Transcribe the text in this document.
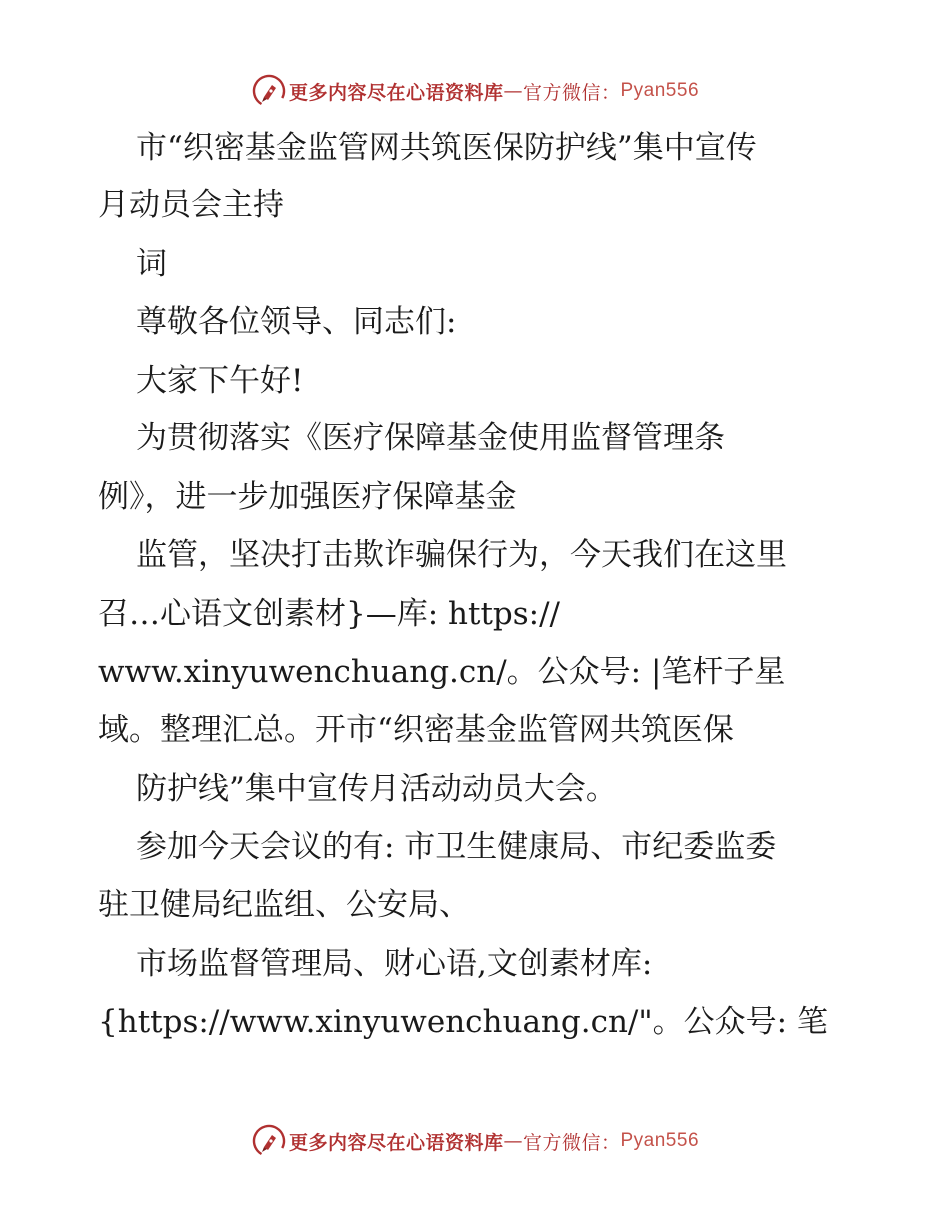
更多内容尽在心语资料库 — 官方微信： Pyan556
市“织密基金监管网共筑医保防护线”集中宣传
月动员会主持
词
尊敬各位领导、同志们:
大家下午好!
为贯彻落实《医疗保障基金使用监督管理条
例》，进一步加强医疗保障基金
监管，坚决打击欺诈骗保行为，今天我们在这里
召…心语文创素材}—库: https://
www.xinyuwenchuang.cn/。公众号: |笔杆子星
域。整理汇总。开市“织密基金监管网共筑医保
防护线”集中宣传月活动动员大会。
参加今天会议的有: 市卫生健康局、市纪委监委
驻卫健局纪监组、公安局、
市场监督管理局、财心语,文创素材库:
{https://www.xinyuwenchuang.cn/"。公众号: 笔
更多内容尽在心语资料库 — 官方微信： Pyan556
